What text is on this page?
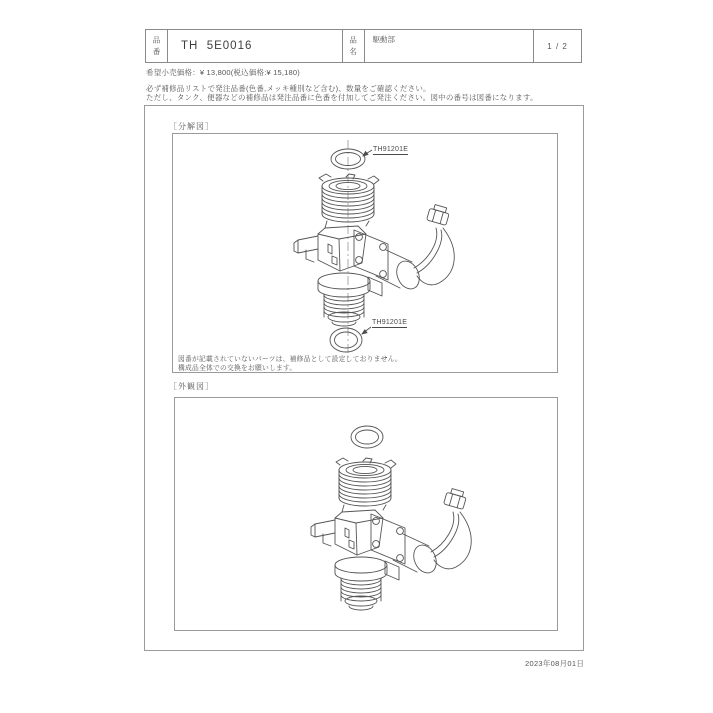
品番	TH  5E0016	品名	駆動部
1 / 2
希望小売価格：¥ 13,800(税込価格:¥ 15,180)
必ず補修品リストで発注品番(色番,メッキ種別など含む)、数量をご確認ください。
ただし、タンク、便器などの補修品は発注品番に色番を付加してご発注ください。図中の番号は図番になります。
［分解図］
TH91201E
TH91201E
図番が記載されていないパーツは、補修品として設定しておりません。
構成品全体での交換をお願いします。
［外観図］
2023年08月01日
